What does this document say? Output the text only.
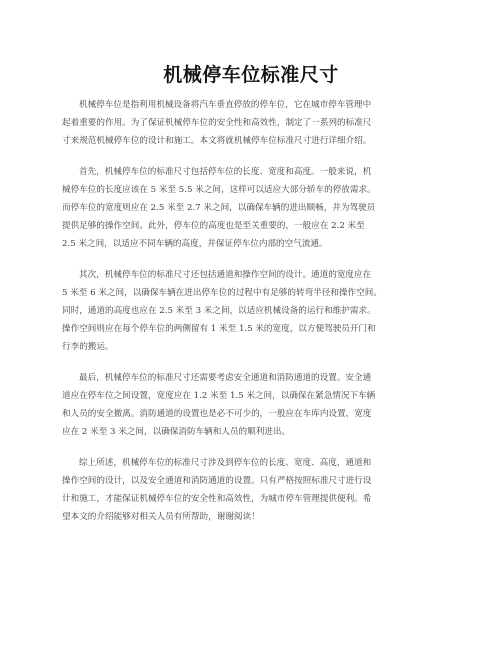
机械停车位标准尺寸
机械停车位是指利用机械设备将汽车垂直停放的停车位，它在城市停车管理中
起着重要的作用。为了保证机械停车位的安全性和高效性，制定了一系列的标准尺
寸来规范机械停车位的设计和施工。本文将就机械停车位标准尺寸进行详细介绍。
首先，机械停车位的标准尺寸包括停车位的长度、宽度和高度。一般来说，机
械停车位的长度应该在 5 米至 5.5 米之间，这样可以适应大部分轿车的停放需求。
而停车位的宽度则应在 2.5 米至 2.7 米之间，以确保车辆的进出顺畅，并为驾驶员
提供足够的操作空间。此外，停车位的高度也是至关重要的，一般应在 2.2 米至
2.5 米之间，以适应不同车辆的高度，并保证停车位内部的空气流通。
其次，机械停车位的标准尺寸还包括通道和操作空间的设计。通道的宽度应在
5 米至 6 米之间，以确保车辆在进出停车位的过程中有足够的转弯半径和操作空间。
同时，通道的高度也应在 2.5 米至 3 米之间，以适应机械设备的运行和维护需求。
操作空间则应在每个停车位的两侧留有 1 米至 1.5 米的宽度，以方便驾驶员开门和
行李的搬运。
最后，机械停车位的标准尺寸还需要考虑安全通道和消防通道的设置。安全通
道应在停车位之间设置，宽度应在 1.2 米至 1.5 米之间，以确保在紧急情况下车辆
和人员的安全撤离。消防通道的设置也是必不可少的，一般应在车库内设置，宽度
应在 2 米至 3 米之间，以确保消防车辆和人员的顺利进出。
综上所述，机械停车位的标准尺寸涉及到停车位的长度、宽度、高度，通道和
操作空间的设计，以及安全通道和消防通道的设置。只有严格按照标准尺寸进行设
计和施工，才能保证机械停车位的安全性和高效性，为城市停车管理提供便利。希
望本文的介绍能够对相关人员有所帮助，谢谢阅读！
